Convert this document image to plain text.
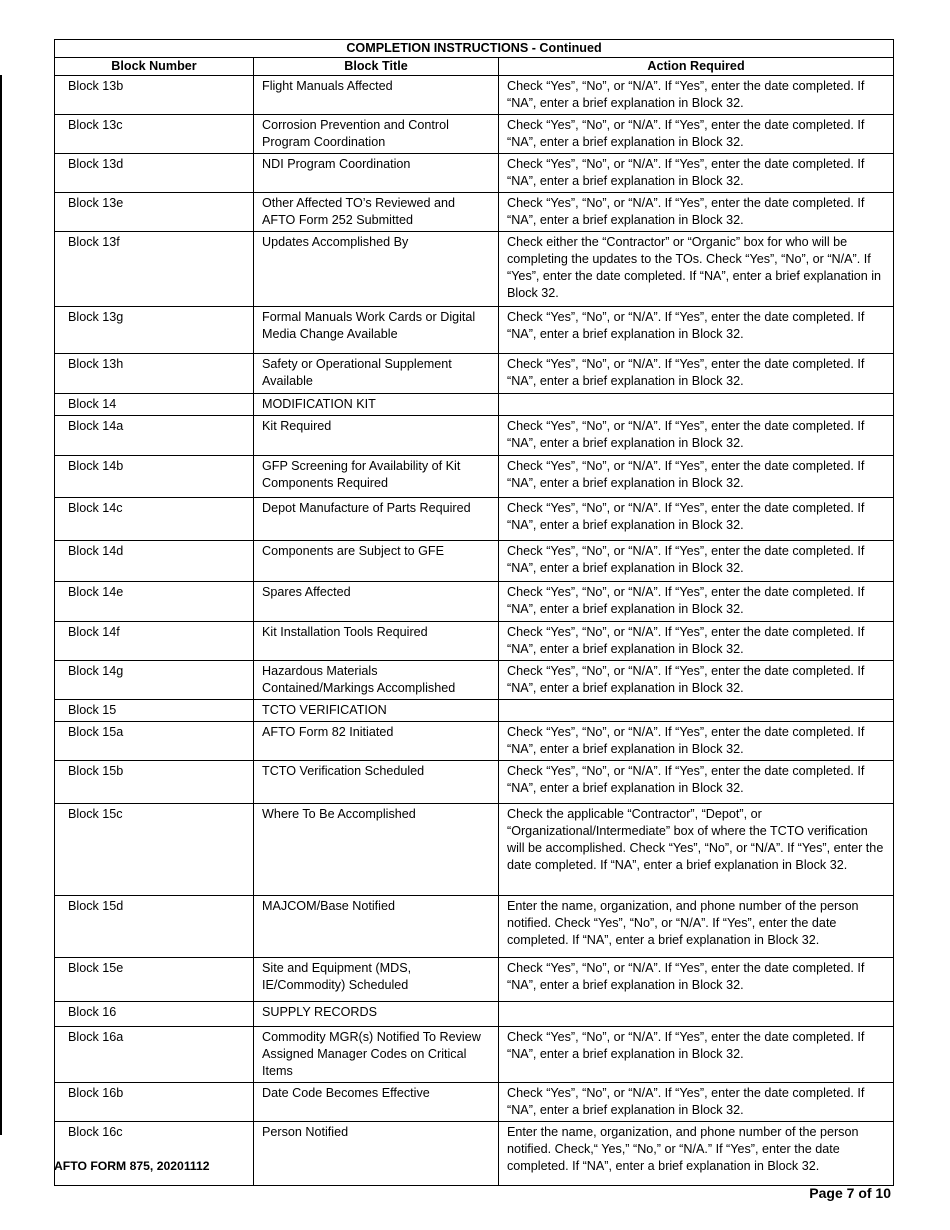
COMPLETION INSTRUCTIONS - Continued		
Block Number	Block Title	Action Required
Block 13b	Flight Manuals Affected	Check “Yes”, “No”, or “N/A”. If “Yes”, enter the date completed. If “NA”, enter a brief explanation in Block 32.
Block 13c	Corrosion Prevention and Control Program Coordination	Check “Yes”, “No”, or “N/A”. If “Yes”, enter the date completed. If “NA”, enter a brief explanation in Block 32.
Block 13d	NDI Program Coordination	Check “Yes”, “No”, or “N/A”. If “Yes”, enter the date completed. If “NA”, enter a brief explanation in Block 32.
Block 13e	Other Affected TO’s Reviewed and AFTO Form 252 Submitted	Check “Yes”, “No”, or “N/A”. If “Yes”, enter the date completed. If “NA”, enter a brief explanation in Block 32.
Block 13f	Updates Accomplished By	Check either the “Contractor” or “Organic” box for who will be completing the updates to the TOs. Check “Yes”, “No”, or “N/A”. If “Yes”, enter the date completed. If “NA”, enter a brief explanation in Block 32.
Block 13g	Formal Manuals Work Cards or Digital Media Change Available	Check “Yes”, “No”, or “N/A”. If “Yes”, enter the date completed. If “NA”, enter a brief explanation in Block 32.
Block 13h	Safety or Operational Supplement Available	Check “Yes”, “No”, or “N/A”. If “Yes”, enter the date completed. If “NA”, enter a brief explanation in Block 32.
Block 14	MODIFICATION KIT	
Block 14a	Kit Required	Check “Yes”, “No”, or “N/A”. If “Yes”, enter the date completed. If “NA”, enter a brief explanation in Block 32.
Block 14b	GFP Screening for Availability of Kit Components Required	Check “Yes”, “No”, or “N/A”. If “Yes”, enter the date completed. If “NA”, enter a brief explanation in Block 32.
Block 14c	Depot Manufacture of Parts Required	Check “Yes”, “No”, or “N/A”. If “Yes”, enter the date completed. If “NA”, enter a brief explanation in Block 32.
Block 14d	Components are Subject to GFE	Check “Yes”, “No”, or “N/A”. If “Yes”, enter the date completed. If “NA”, enter a brief explanation in Block 32.
Block 14e	Spares Affected	Check “Yes”, “No”, or “N/A”. If “Yes”, enter the date completed. If “NA”, enter a brief explanation in Block 32.
Block 14f	Kit Installation Tools Required	Check “Yes”, “No”, or “N/A”. If “Yes”, enter the date completed. If “NA”, enter a brief explanation in Block 32.
Block 14g	Hazardous Materials Contained/Markings Accomplished	Check “Yes”, “No”, or “N/A”. If “Yes”, enter the date completed. If “NA”, enter a brief explanation in Block 32.
Block 15	TCTO VERIFICATION	
Block 15a	AFTO Form 82 Initiated	Check “Yes”, “No”, or “N/A”. If “Yes”, enter the date completed. If “NA”, enter a brief explanation in Block 32.
Block 15b	TCTO Verification Scheduled	Check “Yes”, “No”, or “N/A”. If “Yes”, enter the date completed. If “NA”, enter a brief explanation in Block 32.
Block 15c	Where To Be Accomplished	Check the applicable “Contractor”, “Depot”, or “Organizational/Intermediate” box of where the TCTO verification will be accomplished. Check “Yes”, “No”, or “N/A”. If “Yes”, enter the date completed. If “NA”, enter a brief explanation in Block 32.
Block 15d	MAJCOM/Base Notified	Enter the name, organization, and phone number of the person notified. Check “Yes”, “No”, or “N/A”. If “Yes”, enter the date completed. If “NA”, enter a brief explanation in Block 32.
Block 15e	Site and Equipment (MDS, IE/Commodity) Scheduled	Check “Yes”, “No”, or “N/A”. If “Yes”, enter the date completed. If “NA”, enter a brief explanation in Block 32.
Block 16	SUPPLY RECORDS	
Block 16a	Commodity MGR(s) Notified To Review Assigned Manager Codes on Critical Items	Check “Yes”, “No”, or “N/A”. If “Yes”, enter the date completed. If “NA”, enter a brief explanation in Block 32.
Block 16b	Date Code Becomes Effective	Check “Yes”, “No”, or “N/A”. If “Yes”, enter the date completed. If “NA”, enter a brief explanation in Block 32.
Block 16c	Person Notified	Enter the name, organization, and phone number of the person notified. Check,“ Yes,” “No,” or “N/A.” If “Yes”, enter the date completed. If “NA”, enter a brief explanation in Block 32.
AFTO FORM 875, 20201112
Page 7 of 10
